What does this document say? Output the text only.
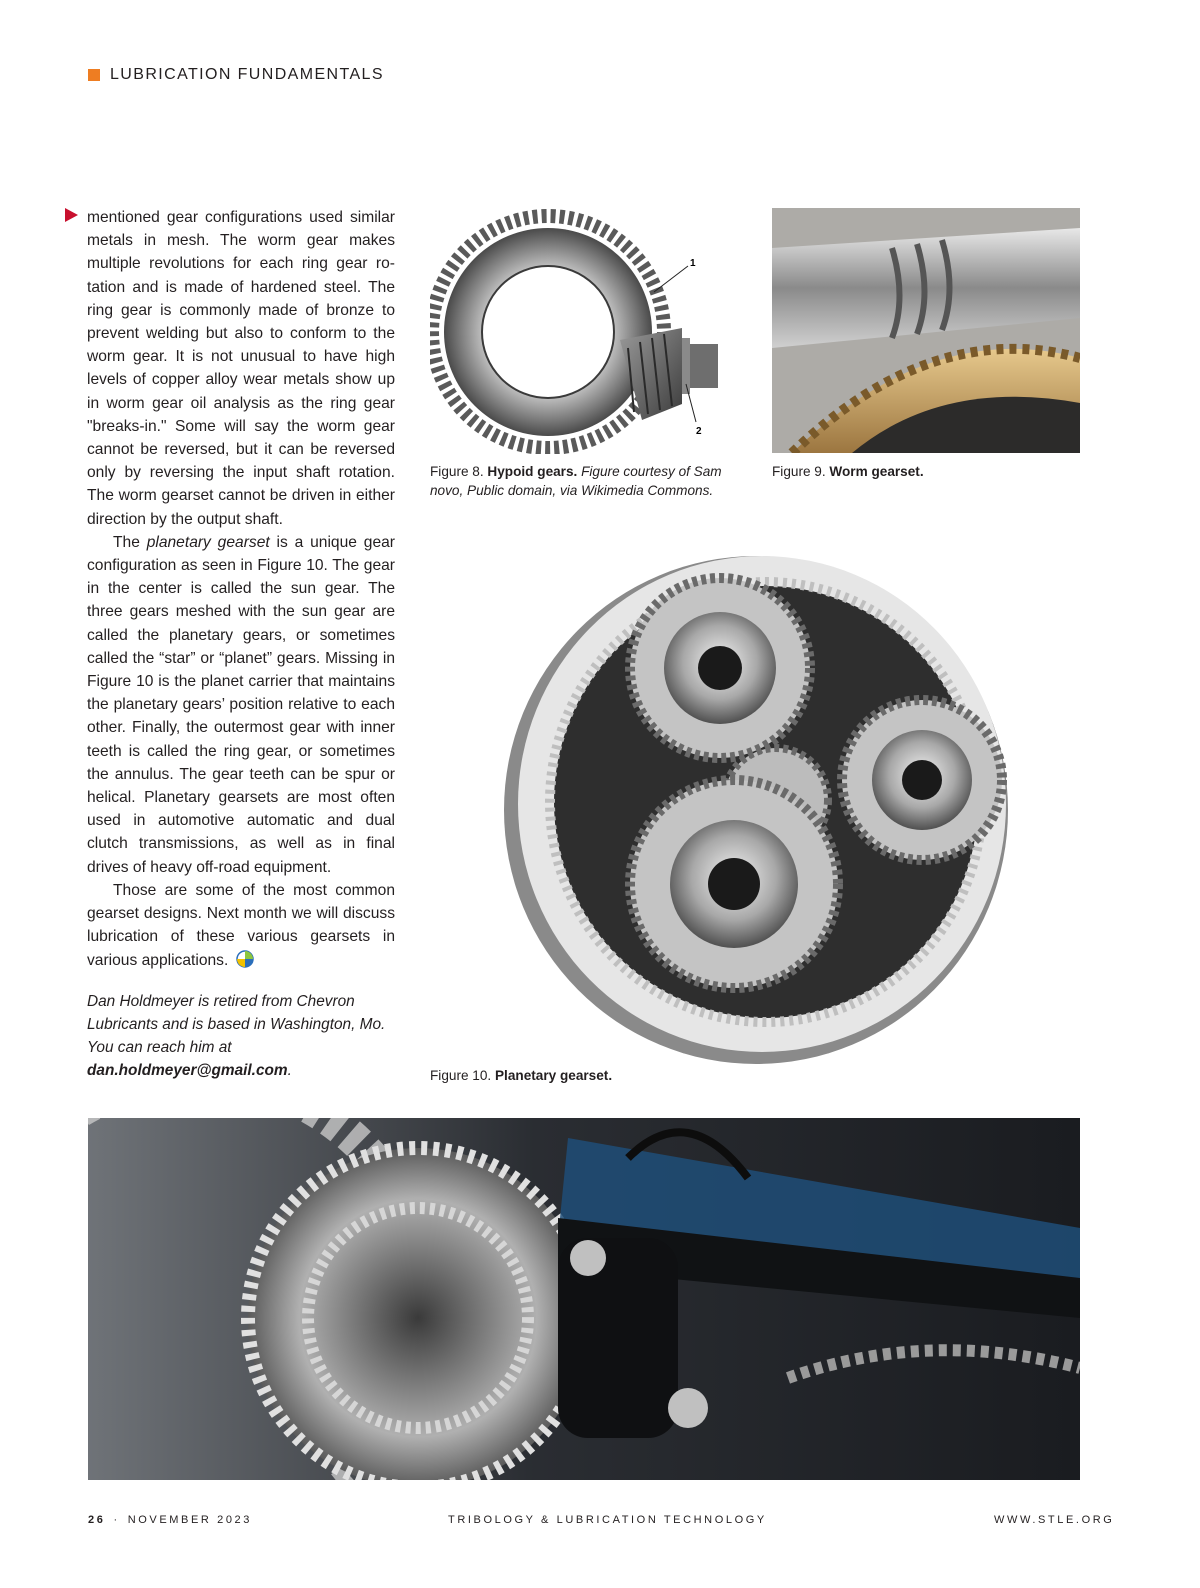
LUBRICATION FUNDAMENTALS

mentioned gear configurations used similar metals in mesh. The worm gear makes multiple revolutions for each ring gear rotation and is made of hardened steel. The ring gear is commonly made of bronze to prevent welding but also to conform to the worm gear. It is not unusual to have high levels of copper alloy wear metals show up in worm gear oil analysis as the ring gear "breaks-in." Some will say the worm gear cannot be reversed, but it can be reversed only by reversing the input shaft rotation. The worm gearset cannot be driven in either direction by the output shaft.

The planetary gearset is a unique gear configuration as seen in Figure 10. The gear in the center is called the sun gear. The three gears meshed with the sun gear are called the planetary gears, or sometimes called the “star” or “planet” gears. Missing in Figure 10 is the planet carrier that maintains the planetary gears’ position relative to each other. Finally, the outermost gear with inner teeth is called the ring gear, or sometimes the annulus. The gear teeth can be spur or helical. Planetary gearsets are most often used in automotive automatic and dual clutch transmissions, as well as in final drives of heavy off-road equipment.

Those are some of the most common gearset designs. Next month we will discuss lubrication of these various gearsets in various applications.

Dan Holdmeyer is retired from Chevron Lubricants and is based in Washington, Mo. You can reach him at dan.holdmeyer@gmail.com.
1
2
Figure 8. Hypoid gears. Figure courtesy of Sam novo, Public domain, via Wikimedia Commons.
Figure 9. Worm gearset.
Figure 10. Planetary gearset.
26 · NOVEMBER 2023	TRIBOLOGY & LUBRICATION TECHNOLOGY	WWW.STLE.ORG
